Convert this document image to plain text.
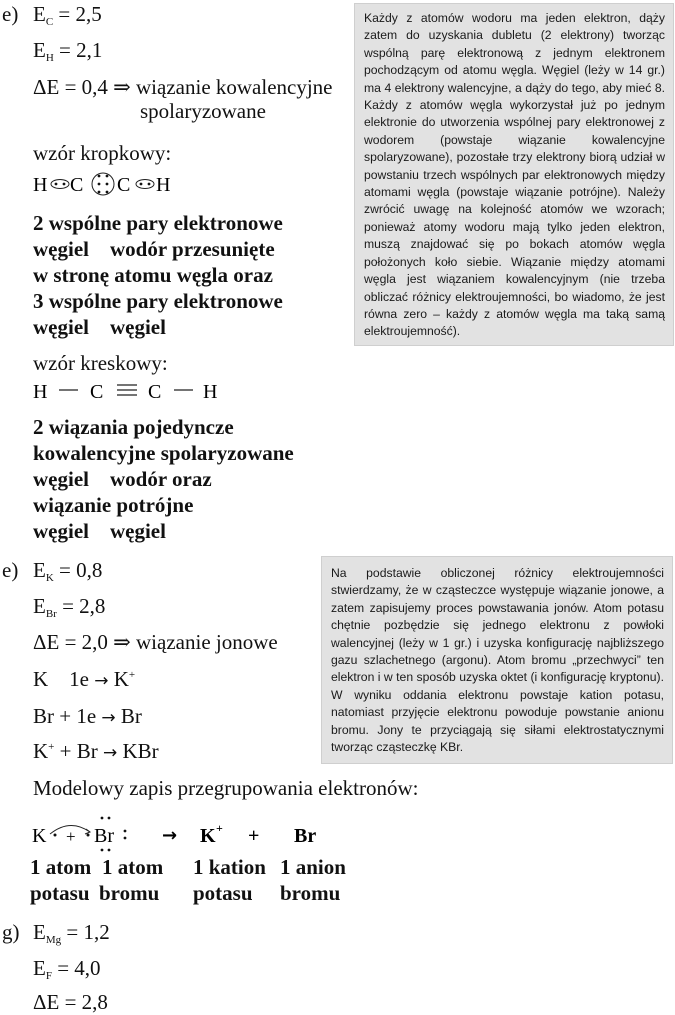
e) $E_C = 2,5$
$E_H = 2,1$
ΔE = 0,4 ⇒ wiązanie kowalencyjne
spolaryzowane
wzór kropkowy:
H C C H
2 wspólne pary elektronowe
węgiel    wodór przesunięte
w stronę atomu węgla oraz
3 wspólne pary elektronowe
węgiel    węgiel
wzór kreskowy:
H C C H
2 wiązania pojedyncze
kowalencyjne spolaryzowane
węgiel    wodór oraz
wiązanie potrójne
węgiel    węgiel

Każdy z atomów wodoru ma jeden elektron, dąży zatem do uzyskania dubletu (2 elektrony) tworząc wspólną parę elektronową z jednym elektronem pochodzącym od atomu węgla. Węgiel (leży w 14 gr.) ma 4 elektrony walencyjne, a dąży do tego, aby mieć 8. Każdy z atomów węgla wykorzystał już po jednym elektronie do utworzenia wspólnej pary elektronowej z wodorem (powstaje wiązanie kowalencyjne spolaryzowane), pozostałe trzy elektrony biorą udział w powstaniu trzech wspólnych par elektronowych między atomami węgla (powstaje wiązanie potrójne). Należy zwrócić uwagę na kolejność atomów we wzorach; ponieważ atomy wodoru mają tylko jeden elektron, muszą znajdować się po bokach atomów węgla położonych koło siebie. Wiązanie między atomami węgla jest wiązaniem kowalencyjnym (nie trzeba obliczać różnicy elektroujemności, bo wiadomo, że jest równa zero – każdy z atomów węgla ma taką samą elektroujemność).

e) $E_K = 0,8$
$E_{Br} = 2,8$
ΔE = 2,0 ⇒ wiązanie jonowe
K    1e → K+
Br + 1e → Br
K+ + Br → KBr
Modelowy zapis przegrupowania elektronów:
K + Br	→ K + + Br
1 atom
potasu
1 atom
bromu
1 kation
potasu
1 anion
bromu

Na podstawie obliczonej różnicy elektroujemności stwierdzamy, że w cząsteczce występuje wiązanie jonowe, a zatem zapisujemy proces powstawania jonów. Atom potasu chętnie pozbędzie się jednego elektronu z powłoki walencyjnej (leży w 1 gr.) i uzyska konfigurację najbliższego gazu szlachetnego (argonu). Atom bromu „przechwyci” ten elektron i w ten sposób uzyska oktet (i konfigurację kryptonu). W wyniku oddania elektronu powstaje kation potasu, natomiast przyjęcie elektronu powoduje powstanie anionu bromu. Jony te przyciągają się siłami elektrostatycznymi tworząc cząsteczkę KBr.

g) $E_{Mg} = 1,2$
$E_F = 4,0$
ΔE = 2,8
